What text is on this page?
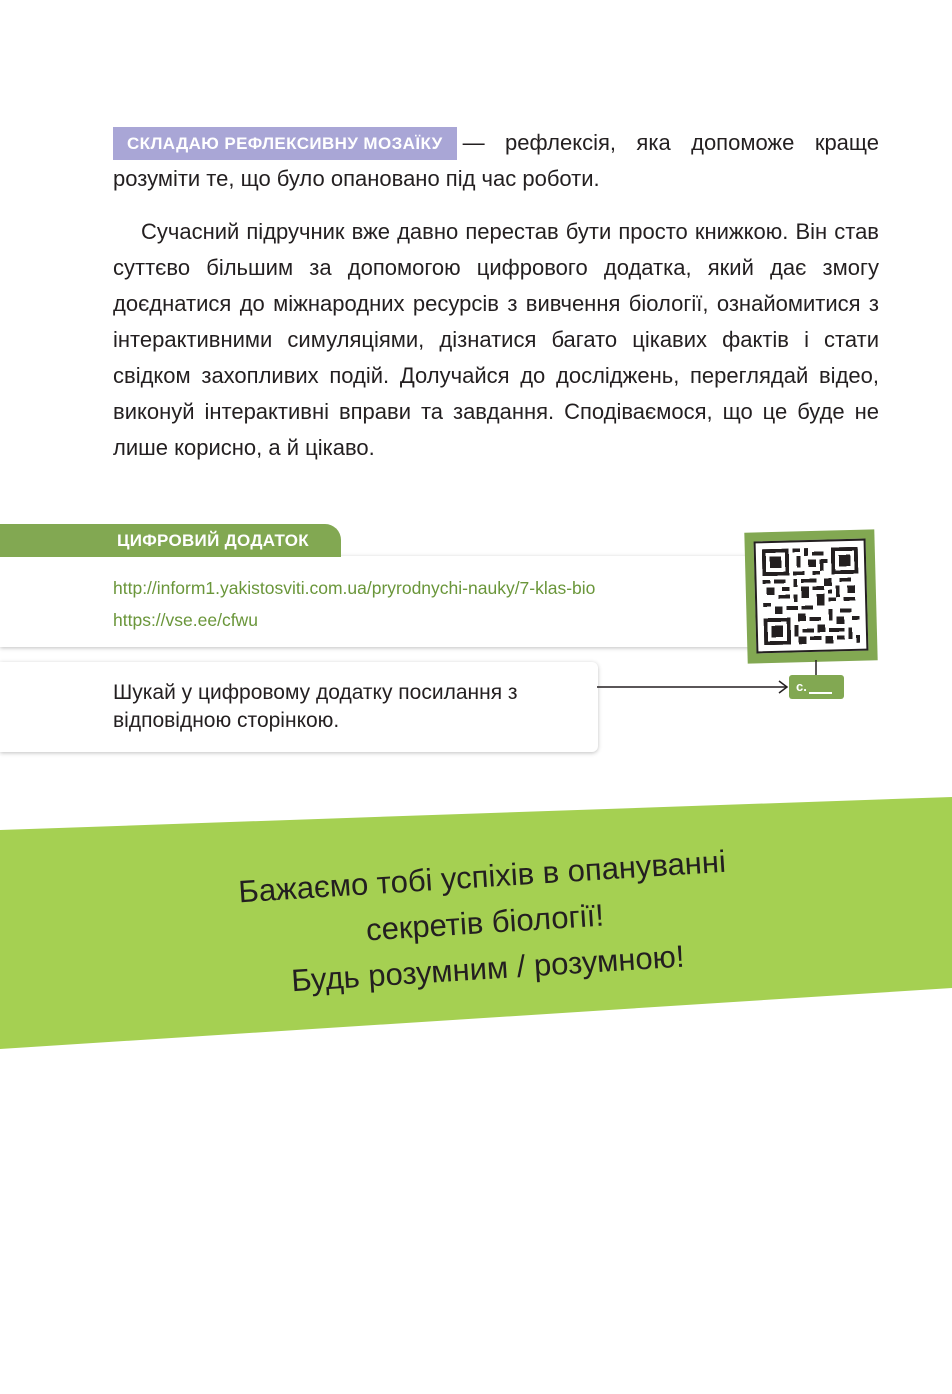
СКЛАДАЮ РЕФЛЕКСИВНУ МОЗАЇКУ — рефлексія, яка допоможе краще розуміти те, що було опановано під час роботи.

Сучасний підручник вже давно перестав бути просто книжкою. Він став суттєво більшим за допомогою цифрового додатка, який дає змогу доєднатися до міжнародних ресурсів з вивчення біології, ознайомитися з інтерактивними симуляціями, дізнатися багато цікавих фактів і стати свідком захопливих подій. Долучайся до досліджень, переглядай відео, виконуй інтерактивні вправи та завдання. Сподіваємося, що це буде не лише корисно, а й цікаво.

ЦИФРОВИЙ ДОДАТОК
http://inform1.yakistosviti.com.ua/pryrodnychi-nauky/7-klas-bio
https://vse.ee/cfwu
Шукай у цифровому додатку посилання з відповідною сторінкою.
с.
Бажаємо тобі успіхів в опануванні
секретів біології!
Будь розумним / розумною!
